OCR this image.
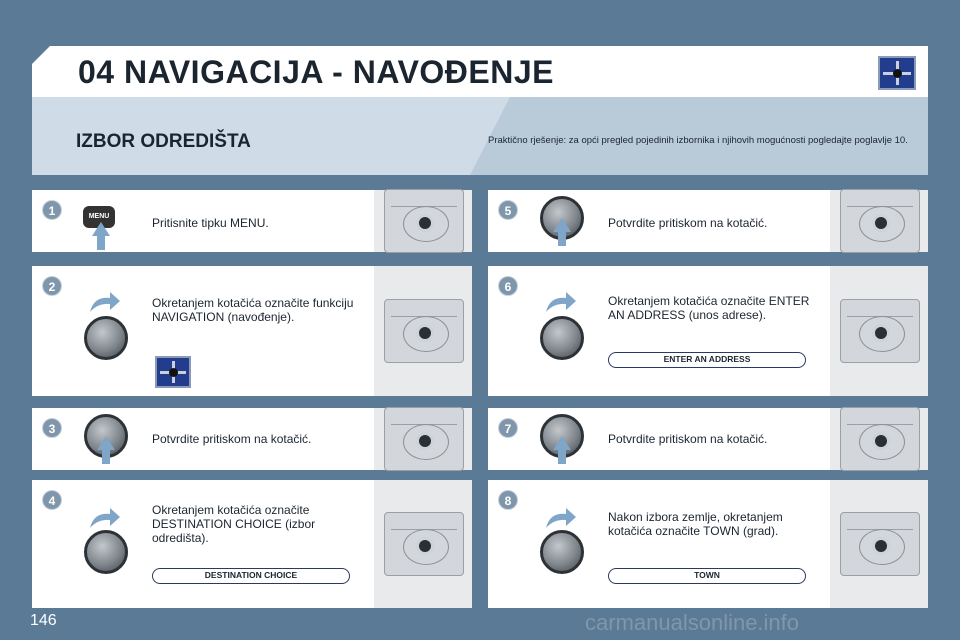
04 NAVIGACIJA - NAVOĐENJE
IZBOR ODREDIŠTA	Praktično rješenje: za opći pregled pojedinih izbornika i njihovih mogućnosti pogledajte poglavlje 10.
1	MENU	Pritisnite tipku MENU.
2
Okretanjem kotačića označite funkciju NAVIGATION (navođenje).
3
Potvrdite pritiskom na kotačić.
4
Okretanjem kotačića označite DESTINATION CHOICE (izbor odredišta).
DESTINATION CHOICE
5
Potvrdite pritiskom na kotačić.
6
Okretanjem kotačića označite ENTER AN ADDRESS (unos adrese).
ENTER AN ADDRESS
7
Potvrdite pritiskom na kotačić.
8
Nakon izbora zemlje, okretanjem kotačića označite TOWN (grad).
TOWN
146	carmanualsonline.info
